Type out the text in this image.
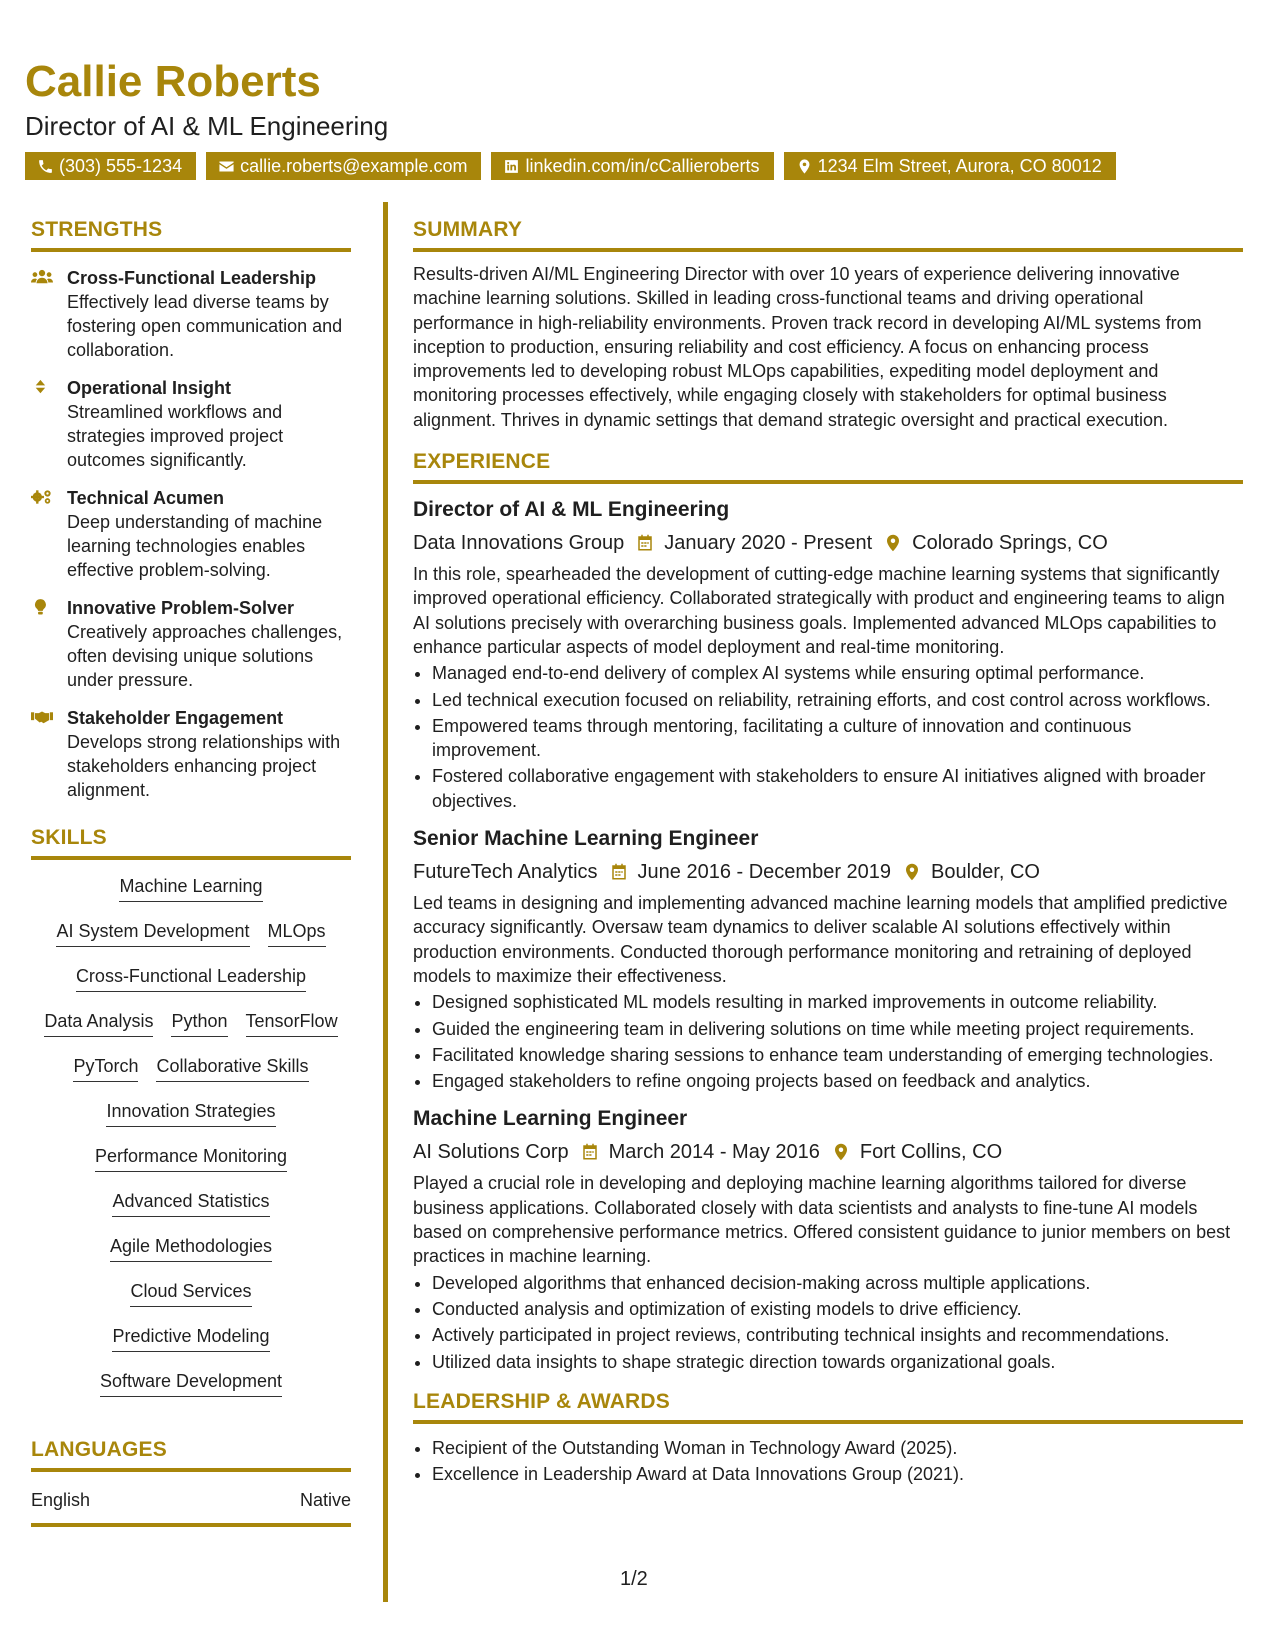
Callie Roberts
Director of AI & ML Engineering
(303) 555-1234	callie.roberts@example.com	linkedin.com/in/cCallieroberts	1234 Elm Street, Aurora, CO 80012
STRENGTHS
Cross-Functional Leadership
Effectively lead diverse teams by fostering open communication and collaboration.
Operational Insight
Streamlined workflows and strategies improved project outcomes significantly.
Technical Acumen
Deep understanding of machine learning technologies enables effective problem-solving.
Innovative Problem-Solver
Creatively approaches challenges, often devising unique solutions under pressure.
Stakeholder Engagement
Develops strong relationships with stakeholders enhancing project alignment.
SKILLS
Machine Learning
AI System Development MLOps
Cross-Functional Leadership
Data Analysis Python TensorFlow
PyTorch Collaborative Skills
Innovation Strategies
Performance Monitoring
Advanced Statistics
Agile Methodologies
Cloud Services
Predictive Modeling
Software Development
LANGUAGES
English	Native
SUMMARY

Results-driven AI/ML Engineering Director with over 10 years of experience delivering innovative machine learning solutions. Skilled in leading cross-functional teams and driving operational performance in high-reliability environments. Proven track record in developing AI/ML systems from inception to production, ensuring reliability and cost efficiency. A focus on enhancing process improvements led to developing robust MLOps capabilities, expediting model deployment and monitoring processes effectively, while engaging closely with stakeholders for optimal business alignment. Thrives in dynamic settings that demand strategic oversight and practical execution.

EXPERIENCE
Director of AI & ML Engineering
Data Innovations Group January 2020 - Present Colorado Springs, CO

In this role, spearheaded the development of cutting-edge machine learning systems that significantly improved operational efficiency. Collaborated strategically with product and engineering teams to align AI solutions precisely with overarching business goals. Implemented advanced MLOps capabilities to enhance particular aspects of model deployment and real-time monitoring.

• Managed end-to-end delivery of complex AI systems while ensuring optimal performance.
• Led technical execution focused on reliability, retraining efforts, and cost control across workflows.
• Empowered teams through mentoring, facilitating a culture of innovation and continuous improvement.
• Fostered collaborative engagement with stakeholders to ensure AI initiatives aligned with broader objectives.
Senior Machine Learning Engineer
FutureTech Analytics June 2016 - December 2019 Boulder, CO

Led teams in designing and implementing advanced machine learning models that amplified predictive accuracy significantly. Oversaw team dynamics to deliver scalable AI solutions effectively within production environments. Conducted thorough performance monitoring and retraining of deployed models to maximize their effectiveness.

• Designed sophisticated ML models resulting in marked improvements in outcome reliability.
• Guided the engineering team in delivering solutions on time while meeting project requirements.
• Facilitated knowledge sharing sessions to enhance team understanding of emerging technologies.
• Engaged stakeholders to refine ongoing projects based on feedback and analytics.
Machine Learning Engineer
AI Solutions Corp March 2014 - May 2016 Fort Collins, CO

Played a crucial role in developing and deploying machine learning algorithms tailored for diverse business applications. Collaborated closely with data scientists and analysts to fine-tune AI models based on comprehensive performance metrics. Offered consistent guidance to junior members on best practices in machine learning.

• Developed algorithms that enhanced decision-making across multiple applications.
• Conducted analysis and optimization of existing models to drive efficiency.
• Actively participated in project reviews, contributing technical insights and recommendations.
• Utilized data insights to shape strategic direction towards organizational goals.
LEADERSHIP & AWARDS
• Recipient of the Outstanding Woman in Technology Award (2025).
• Excellence in Leadership Award at Data Innovations Group (2021).
1/2
